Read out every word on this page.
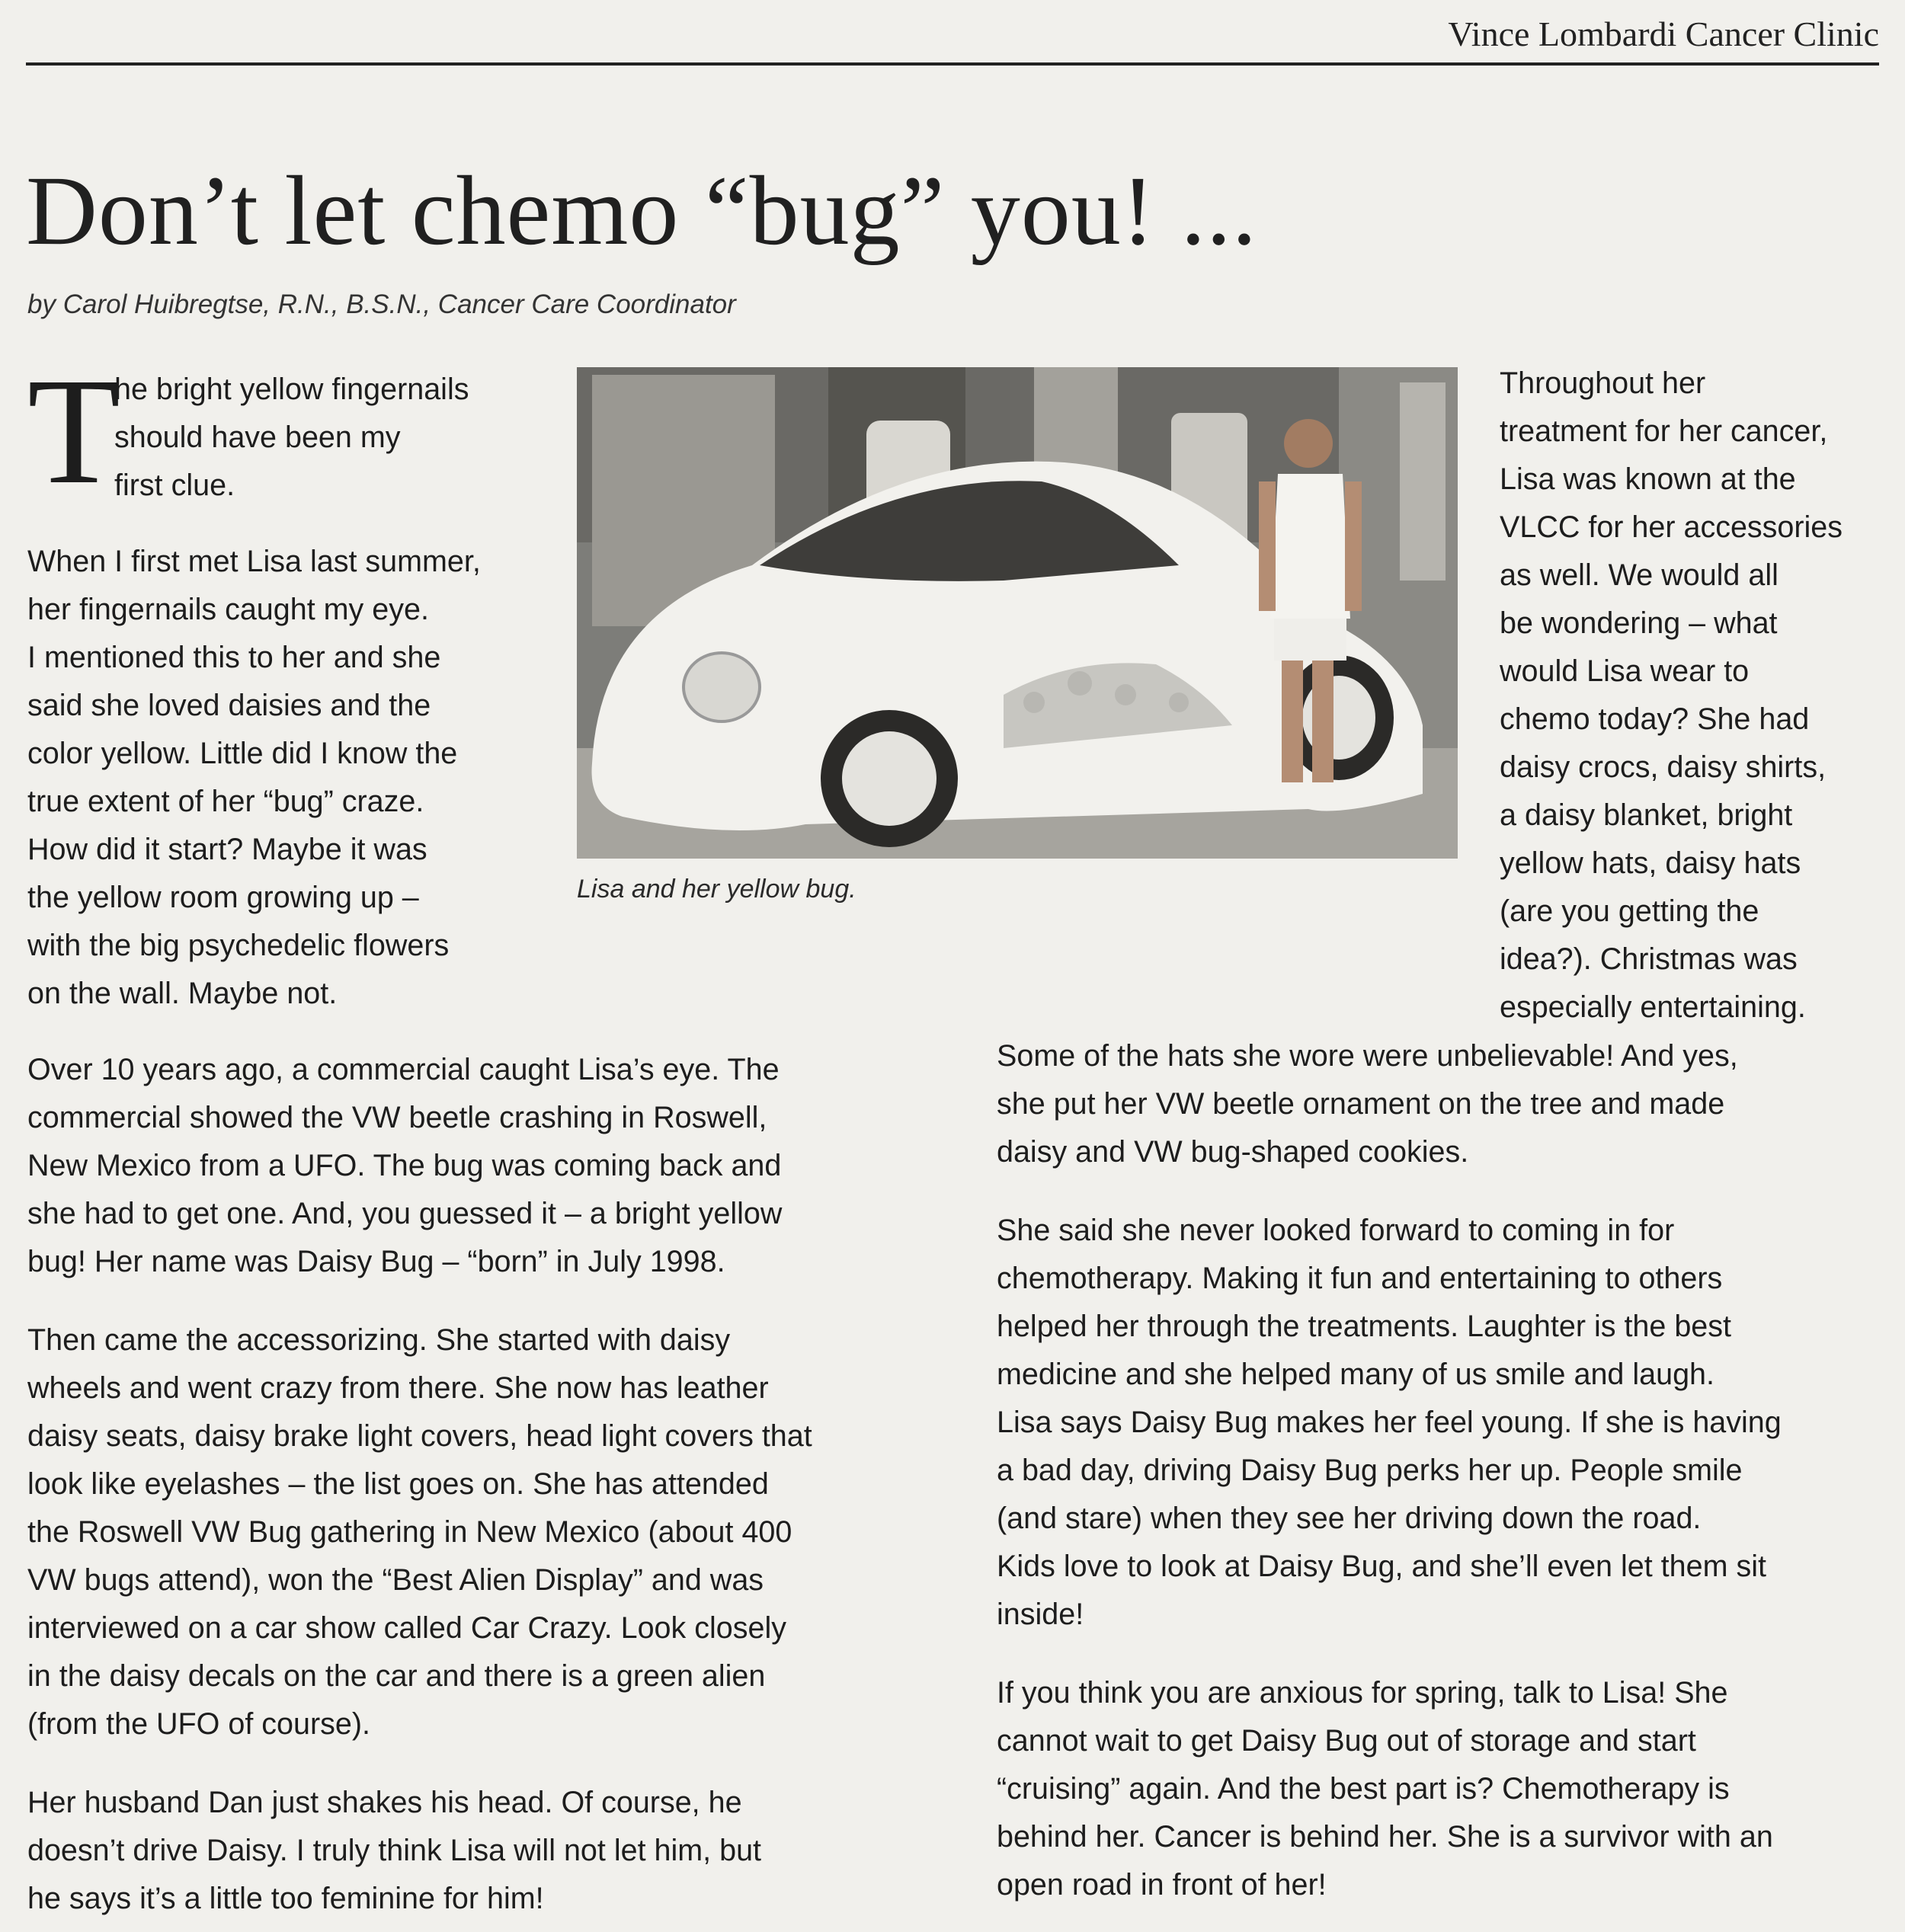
Vince Lombardi Cancer Clinic
Don’t let chemo “bug” you! ...
by Carol Huibregtse, R.N., B.S.N., Cancer Care Coordinator
T

he bright yellow fingernails

should have been my

first clue.

When I first met Lisa last summer,

her fingernails caught my eye.

I mentioned this to her and she

said she loved daisies and the

color yellow. Little did I know the

true extent of her “bug” craze.

How did it start? Maybe it was

the yellow room growing up –

with the big psychedelic flowers

on the wall. Maybe not.

Lisa and her yellow bug.

Throughout her

treatment for her cancer,

Lisa was known at the

VLCC for her accessories

as well. We would all

be wondering – what

would Lisa wear to

chemo today? She had

daisy crocs, daisy shirts,

a daisy blanket, bright

yellow hats, daisy hats

(are you getting the

idea?). Christmas was

especially entertaining.

Over 10 years ago, a commercial caught Lisa’s eye. The

commercial showed the VW beetle crashing in Roswell,

New Mexico from a UFO. The bug was coming back and

she had to get one. And, you guessed it – a bright yellow

bug! Her name was Daisy Bug – “born” in July 1998.

Then came the accessorizing. She started with daisy

wheels and went crazy from there. She now has leather

daisy seats, daisy brake light covers, head light covers that

look like eyelashes – the list goes on. She has attended

the Roswell VW Bug gathering in New Mexico (about 400

VW bugs attend), won the “Best Alien Display” and was

interviewed on a car show called Car Crazy. Look closely

in the daisy decals on the car and there is a green alien

(from the UFO of course).

Her husband Dan just shakes his head. Of course, he

doesn’t drive Daisy. I truly think Lisa will not let him, but

he says it’s a little too feminine for him!

Some of the hats she wore were unbelievable! And yes,

she put her VW beetle ornament on the tree and made

daisy and VW bug-shaped cookies.

She said she never looked forward to coming in for

chemotherapy. Making it fun and entertaining to others

helped her through the treatments. Laughter is the best

medicine and she helped many of us smile and laugh.

Lisa says Daisy Bug makes her feel young. If she is having

a bad day, driving Daisy Bug perks her up. People smile

(and stare) when they see her driving down the road.

Kids love to look at Daisy Bug, and she’ll even let them sit

inside!

If you think you are anxious for spring, talk to Lisa! She

cannot wait to get Daisy Bug out of storage and start

“cruising” again. And the best part is? Chemotherapy is

behind her. Cancer is behind her. She is a survivor with an

open road in front of her!
